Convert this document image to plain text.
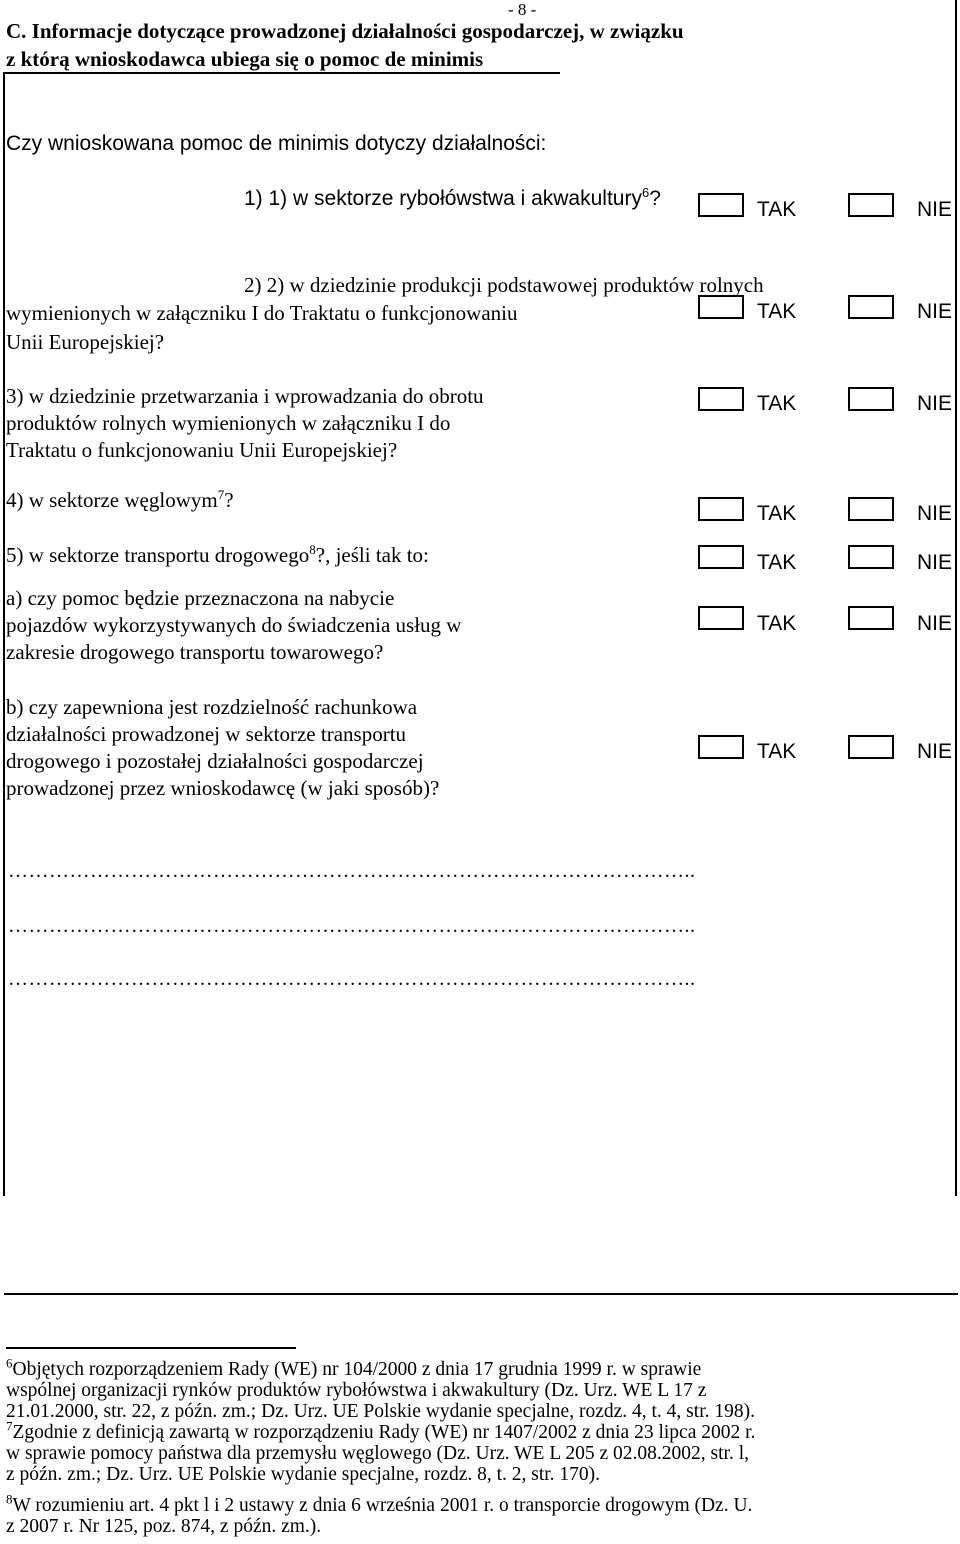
- 8 -
C. Informacje dotyczące prowadzonej działalności gospodarczej, w związku
z którą wnioskodawca ubiega się o pomoc de minimis
Czy wnioskowana pomoc de minimis dotyczy działalności:
1) 1) w sektorze rybołówstwa i akwakultury$^6$?	TAK	NIE
2) 2) w dziedzinie produkcji podstawowej produktów rolnych
wymienionych w załączniku I do Traktatu o funkcjonowaniu
Unii Europejskiej?
TAK	NIE
3) w dziedzinie przetwarzania i wprowadzania do obrotu
produktów rolnych wymienionych w załączniku I do
Traktatu o funkcjonowaniu Unii Europejskiej?
TAK	NIE
4) w sektorze węglowym$^7$?
TAK	NIE
5) w sektorze transportu drogowego$^8$?, jeśli tak to:	TAK	NIE
a) czy pomoc będzie przeznaczona na nabycie
pojazdów wykorzystywanych do świadczenia usług w
zakresie drogowego transportu towarowego?
TAK	NIE
b) czy zapewniona jest rozdzielność rachunkowa
działalności prowadzonej w sektorze transportu
drogowego i pozostałej działalności gospodarczej
prowadzonej przez wnioskodawcę (w jaki sposób)?
TAK	NIE
………………………………………………………………………………………..
………………………………………………………………………………………..
………………………………………………………………………………………..
$^6$Objętych rozporządzeniem Rady (WE) nr 104/2000 z dnia 17 grudnia 1999 r. w sprawie
wspólnej organizacji rynków produktów rybołówstwa i akwakultury (Dz. Urz. WE L 17 z
21.01.2000, str. 22, z późn. zm.; Dz. Urz. UE Polskie wydanie specjalne, rozdz. 4, t. 4, str. 198).
$^7$Zgodnie z definicją zawartą w rozporządzeniu Rady (WE) nr 1407/2002 z dnia 23 lipca 2002 r.
w sprawie pomocy państwa dla przemysłu węglowego (Dz. Urz. WE L 205 z 02.08.2002, str. l,
z późn. zm.; Dz. Urz. UE Polskie wydanie specjalne, rozdz. 8, t. 2, str. 170).
$^8$W rozumieniu art. 4 pkt l i 2 ustawy z dnia 6 września 2001 r. o transporcie drogowym (Dz. U.
z 2007 r. Nr 125, poz. 874, z późn. zm.).
